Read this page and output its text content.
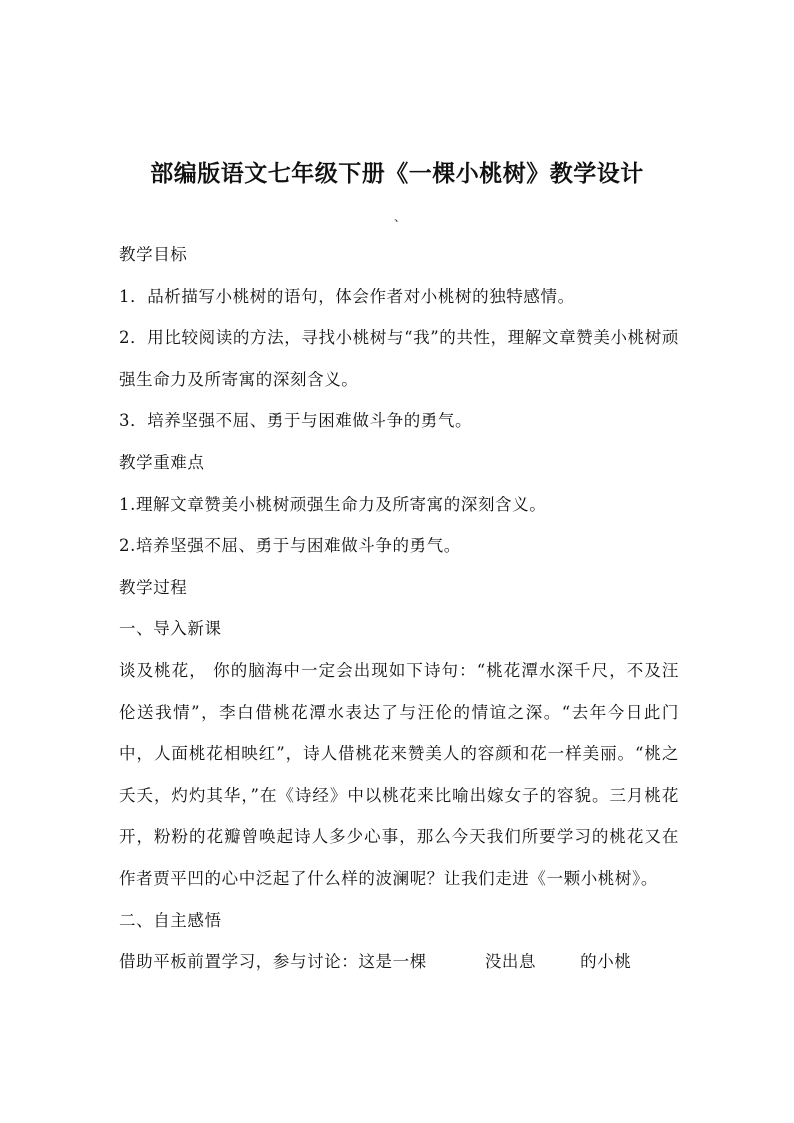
部编版语文七年级下册《一棵小桃树》教学设计
、

教学目标

1．品析描写小桃树的语句，体会作者对小桃树的独特感情。

2．用比较阅读的方法，寻找小桃树与“我”的共性，理解文章赞美小桃树顽强生命力及所寄寓的深刻含义。

3．培养坚强不屈、勇于与困难做斗争的勇气。

教学重难点

1.理解文章赞美小桃树顽强生命力及所寄寓的深刻含义。

2.培养坚强不屈、勇于与困难做斗争的勇气。

教学过程

一、导入新课

谈及桃花， 你的脑海中一定会出现如下诗句：“桃花潭水深千尺，不及汪伦送我情”，李白借桃花潭水表达了与汪伦的情谊之深。“去年今日此门中，人面桃花相映红”，诗人借桃花来赞美人的容颜和花一样美丽。“桃之夭夭，灼灼其华，”在《诗经》中以桃花来比喻出嫁女子的容貌。三月桃花开，粉粉的花瓣曾唤起诗人多少心事，那么今天我们所要学习的桃花又在作者贾平凹的心中泛起了什么样的波澜呢？让我们走进《一颗小桃树》。

二、自主感悟

借助平板前置学习，参与讨论：这是一棵	没出息	的小桃
